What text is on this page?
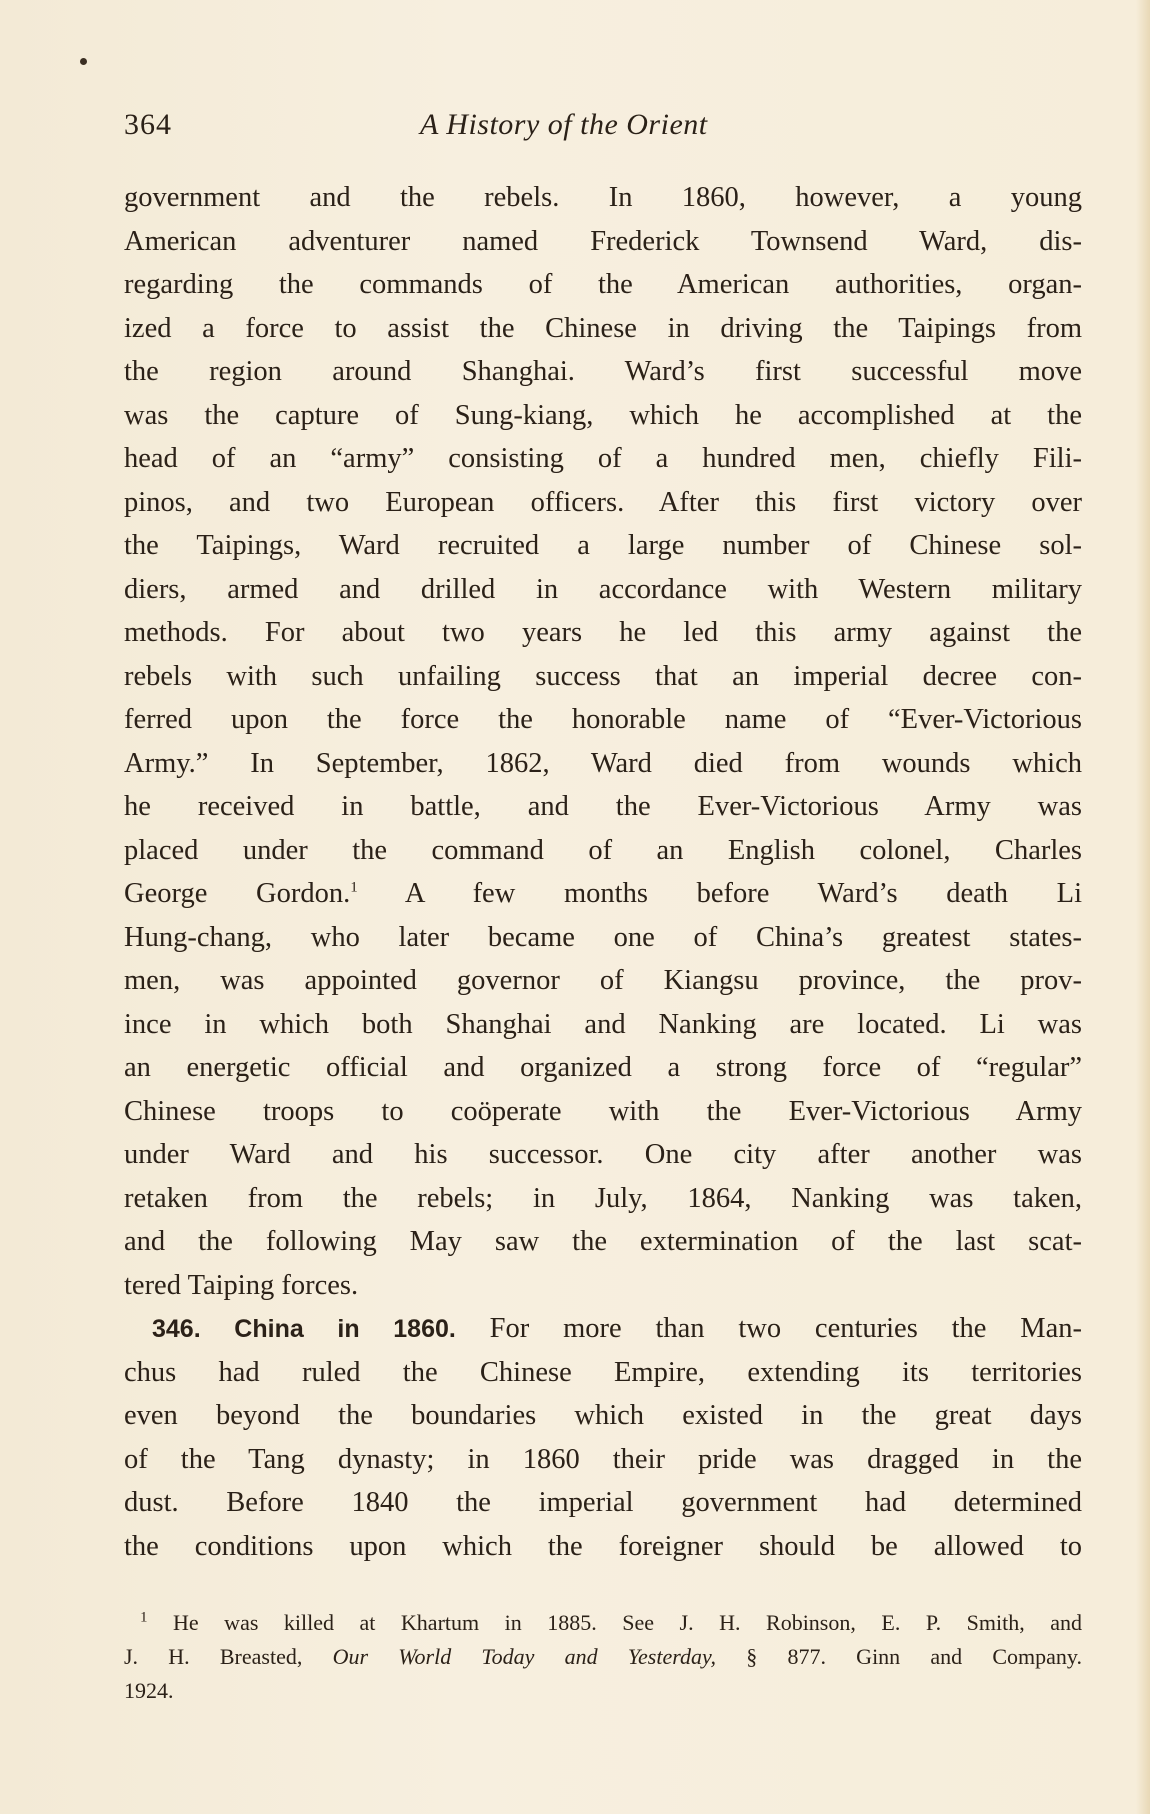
364	A History of the Orient
government and the rebels. In 1860, however, a young
American adventurer named Frederick Townsend Ward, dis-
regarding the commands of the American authorities, organ-
ized a force to assist the Chinese in driving the Taipings from
the region around Shanghai. Ward’s first successful move
was the capture of Sung-kiang, which he accomplished at the
head of an “army” consisting of a hundred men, chiefly Fili-
pinos, and two European officers. After this first victory over
the Taipings, Ward recruited a large number of Chinese sol-
diers, armed and drilled in accordance with Western military
methods. For about two years he led this army against the
rebels with such unfailing success that an imperial decree con-
ferred upon the force the honorable name of “Ever-Victorious
Army.” In September, 1862, Ward died from wounds which
he received in battle, and the Ever-Victorious Army was
placed under the command of an English colonel, Charles
George Gordon.$^1$ A few months before Ward’s death Li
Hung-chang, who later became one of China’s greatest states-
men, was appointed governor of Kiangsu province, the prov-
ince in which both Shanghai and Nanking are located. Li was
an energetic official and organized a strong force of “regular”
Chinese troops to coöperate with the Ever-Victorious Army
under Ward and his successor. One city after another was
retaken from the rebels; in July, 1864, Nanking was taken,
and the following May saw the extermination of the last scat-
tered Taiping forces.
346. China in 1860. For more than two centuries the Man-
chus had ruled the Chinese Empire, extending its territories
even beyond the boundaries which existed in the great days
of the Tang dynasty; in 1860 their pride was dragged in the
dust. Before 1840 the imperial government had determined
the conditions upon which the foreigner should be allowed to
$^1$ He was killed at Khartum in 1885. See J. H. Robinson, E. P. Smith, and
J. H. Breasted, Our World Today and Yesterday, § 877. Ginn and Company.
1924.
